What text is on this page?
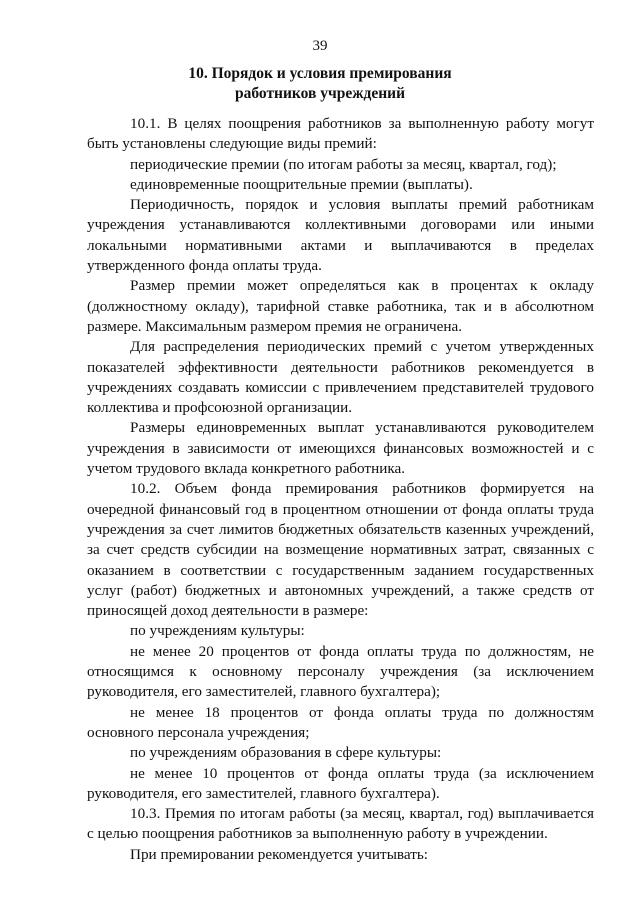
39
10. Порядок и условия премирования
работников учреждений

10.1. В целях поощрения работников за выполненную работу могут быть установлены следующие виды премий:

периодические премии (по итогам работы за месяц, квартал, год);

единовременные поощрительные премии (выплаты).

Периодичность, порядок и условия выплаты премий работникам учреждения устанавливаются коллективными договорами или иными локальными нормативными актами и выплачиваются в пределах утвержденного фонда оплаты труда.

Размер премии может определяться как в процентах к окладу (должностному окладу), тарифной ставке работника, так и в абсолютном размере. Максимальным размером премия не ограничена.

Для распределения периодических премий с учетом утвержденных показателей эффективности деятельности работников рекомендуется в учреждениях создавать комиссии с привлечением представителей трудового коллектива и профсоюзной организации.

Размеры единовременных выплат устанавливаются руководителем учреждения в зависимости от имеющихся финансовых возможностей и с учетом трудового вклада конкретного работника.

10.2. Объем фонда премирования работников формируется на очередной финансовый год в процентном отношении от фонда оплаты труда учреждения за счет лимитов бюджетных обязательств казенных учреждений, за счет средств субсидии на возмещение нормативных затрат, связанных с оказанием в соответствии с государственным заданием государственных услуг (работ) бюджетных и автономных учреждений, а также средств от приносящей доход деятельности в размере:

по учреждениям культуры:

не менее 20 процентов от фонда оплаты труда по должностям, не относящимся к основному персоналу учреждения (за исключением руководителя, его заместителей, главного бухгалтера);

не менее 18 процентов от фонда оплаты труда по должностям основного персонала учреждения;

по учреждениям образования в сфере культуры:

не менее 10 процентов от фонда оплаты труда (за исключением руководителя, его заместителей, главного бухгалтера).

10.3. Премия по итогам работы (за месяц, квартал, год) выплачивается с целью поощрения работников за выполненную работу в учреждении.

При премировании рекомендуется учитывать:
